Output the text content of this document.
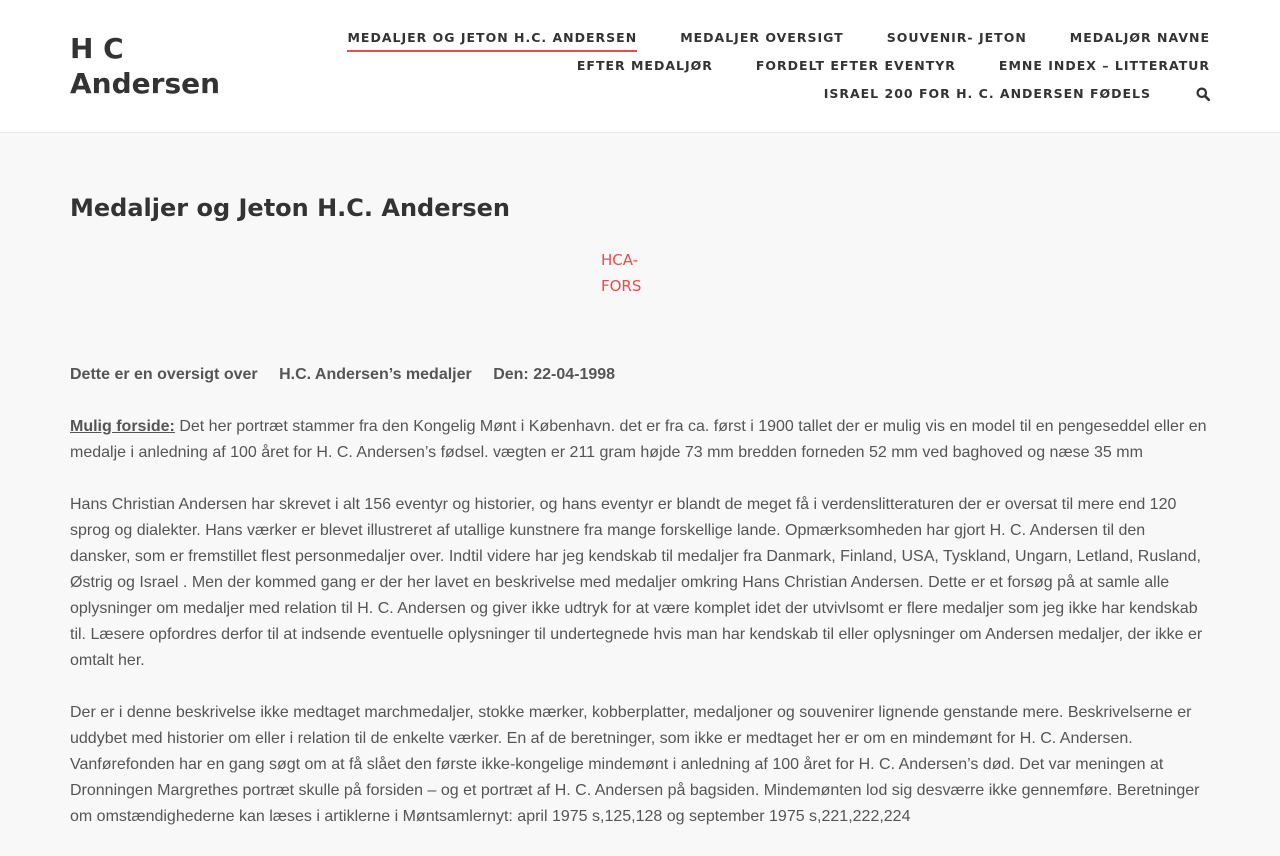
H C Andersen
MEDALJER OG JETON H.C. ANDERSEN	MEDALJER OVERSIGT	SOUVENIR- JETON	MEDALJØR NAVNE
EFTER MEDALJØR	FORDELT EFTER EVENTYR	EMNE INDEX – LITTERATUR
ISRAEL 200 FOR H. C. ANDERSEN FØDELS
Medaljer og Jeton H.C. Andersen
HCA-FORS

Dette er en oversigt over H.C. Andersen’s medaljer Den: 22-04-1998

Mulig forside: Det her portræt stammer fra den Kongelig Mønt i København. det er fra ca. først i 1900 tallet der er mulig vis en model til en pengeseddel eller en medalje i anledning af 100 året for H. C. Andersen’s fødsel. vægten er 211 gram højde 73 mm bredden forneden 52 mm ved baghoved og næse 35 mm

Hans Christian Andersen har skrevet i alt 156 eventyr og historier, og hans eventyr er blandt de meget få i verdenslitteraturen der er oversat til mere end 120 sprog og dialekter. Hans værker er blevet illustreret af utallige kunstnere fra mange forskellige lande. Opmærksomheden har gjort H. C. Andersen til den dansker, som er fremstillet flest personmedaljer over. Indtil videre har jeg kendskab til medaljer fra Danmark, Finland, USA, Tyskland, Ungarn, Letland, Rusland, Østrig og Israel . Men der kommed gang er der her lavet en beskrivelse med medaljer omkring Hans Christian Andersen. Dette er et forsøg på at samle alle oplysninger om medaljer med relation til H. C. Andersen og giver ikke udtryk for at være komplet idet der utvivlsomt er flere medaljer som jeg ikke har kendskab til. Læsere opfordres derfor til at indsende eventuelle oplysninger til undertegnede hvis man har kendskab til eller oplysninger om Andersen medaljer, der ikke er omtalt her.

Der er i denne beskrivelse ikke medtaget marchmedaljer, stokke mærker, kobberplatter, medaljoner og souvenirer lignende genstande mere. Beskrivelserne er uddybet med historier om eller i relation til de enkelte værker. En af de beretninger, som ikke er medtaget her er om en mindemønt for H. C. Andersen. Vanførefonden har en gang søgt om at få slået den første ikke-kongelige mindemønt i anledning af 100 året for H. C. Andersen’s død. Det var meningen at Dronningen Margrethes portræt skulle på forsiden – og et portræt af H. C. Andersen på bagsiden. Mindemønten lod sig desværre ikke gennemføre. Beretninger om omstændighederne kan læses i artiklerne i Møntsamlernyt: april 1975 s,125,128 og september 1975 s,221,222,224
